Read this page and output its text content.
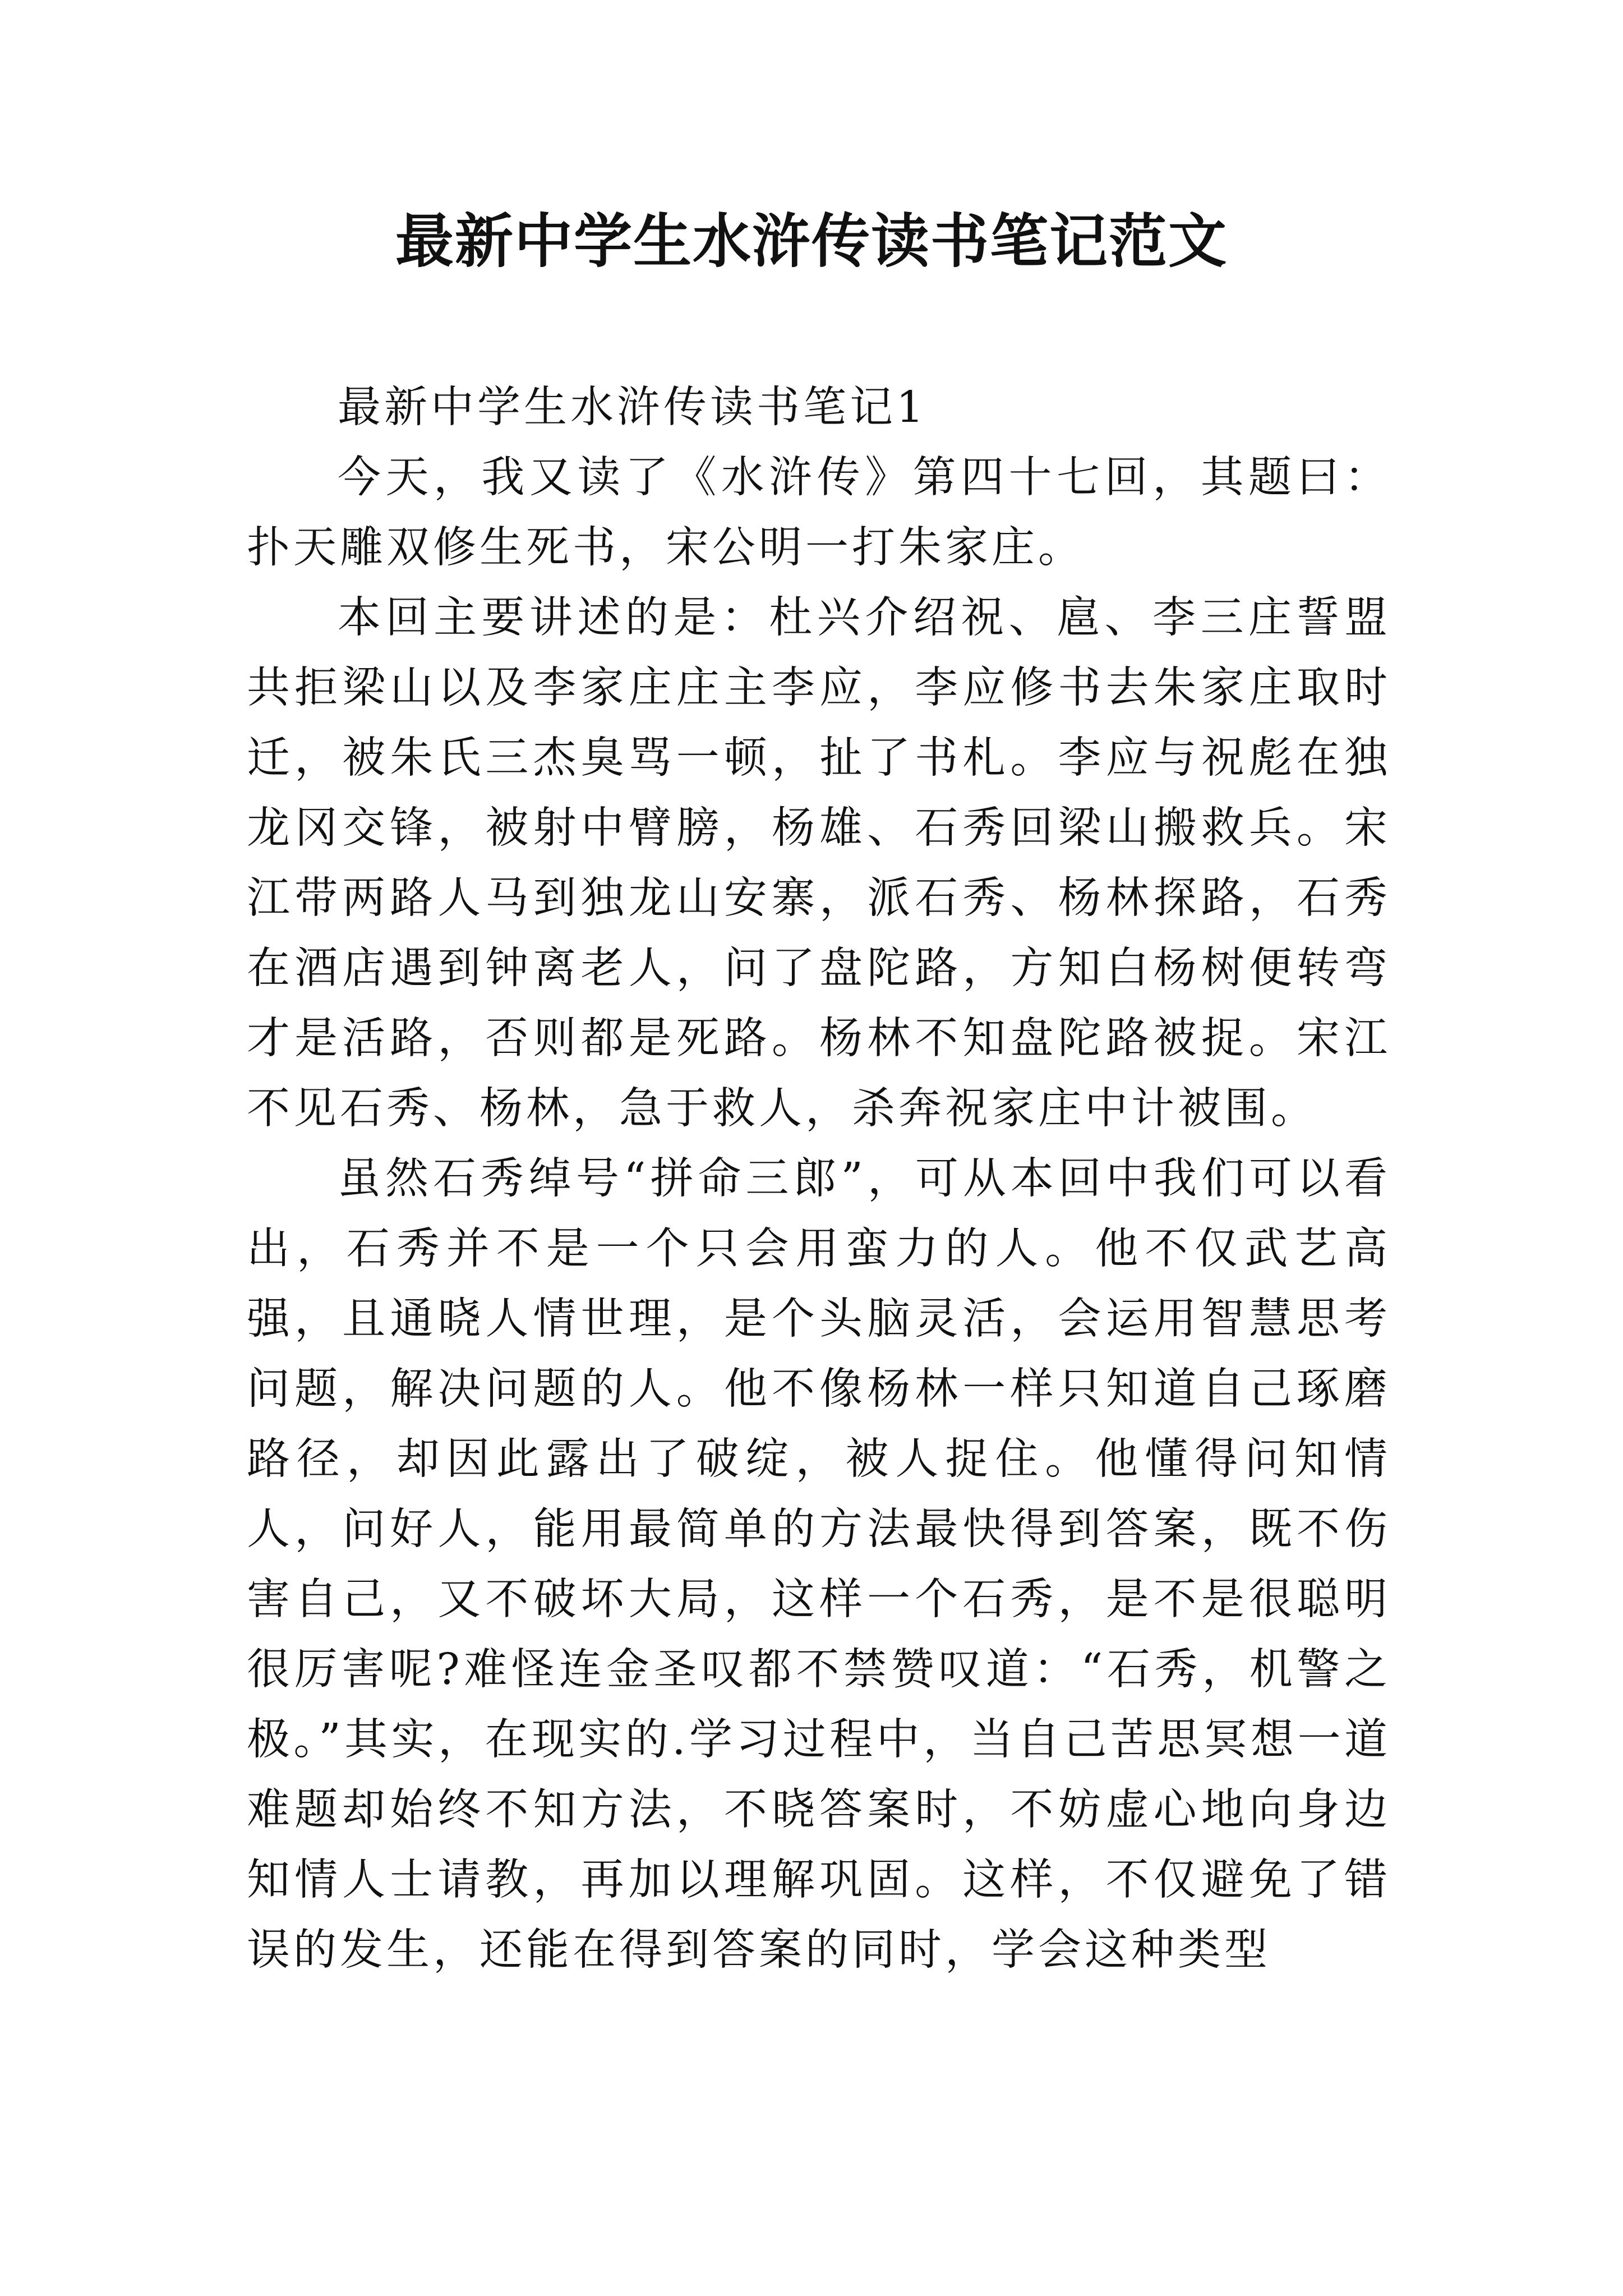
最新中学生水浒传读书笔记范文

最新中学生水浒传读书笔记1

今天，我又读了《水浒传》第四十七回，其题曰：扑天雕双修生死书，宋公明一打朱家庄。

本回主要讲述的是：杜兴介绍祝、扈、李三庄誓盟共拒梁山以及李家庄庄主李应，李应修书去朱家庄取时迁，被朱氏三杰臭骂一顿，扯了书札。李应与祝彪在独龙冈交锋，被射中臂膀，杨雄、石秀回梁山搬救兵。宋江带两路人马到独龙山安寨，派石秀、杨林探路，石秀在酒店遇到钟离老人，问了盘陀路，方知白杨树便转弯才是活路，否则都是死路。杨林不知盘陀路被捉。宋江不见石秀、杨林，急于救人，杀奔祝家庄中计被围。

虽然石秀绰号“拼命三郎”，可从本回中我们可以看出，石秀并不是一个只会用蛮力的人。他不仅武艺高强，且通晓人情世理，是个头脑灵活，会运用智慧思考问题，解决问题的人。他不像杨林一样只知道自己琢磨路径，却因此露出了破绽，被人捉住。他懂得问知情人，问好人，能用最简单的方法最快得到答案，既不伤害自己，又不破坏大局，这样一个石秀，是不是很聪明很厉害呢?难怪连金圣叹都不禁赞叹道：“石秀，机警之极。”其实，在现实的.学习过程中，当自己苦思冥想一道难题却始终不知方法，不晓答案时，不妨虚心地向身边知情人士请教，再加以理解巩固。这样，不仅避免了错误的发生，还能在得到答案的同时，学会这种类型
